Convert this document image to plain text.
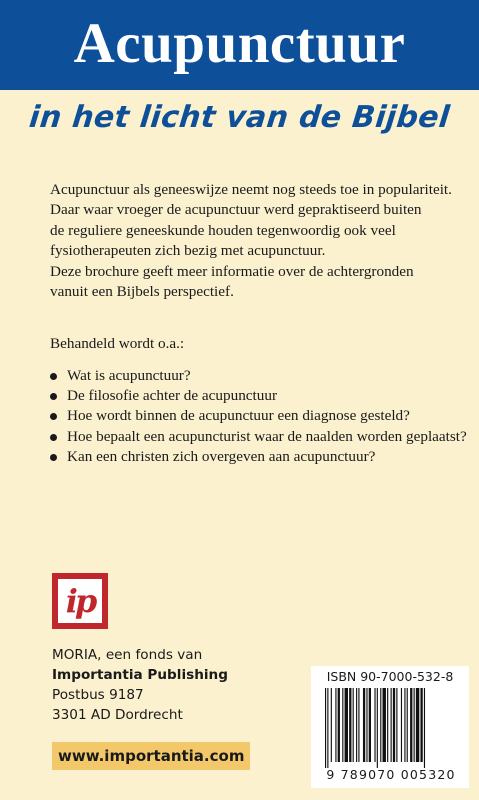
Acupunctuur
in het licht van de Bijbel

Acupunctuur als geneeswijze neemt nog steeds toe in populariteit.

Daar waar vroeger de acupunctuur werd gepraktiseerd buiten

de reguliere geneeskunde houden tegenwoordig ook veel

fysiotherapeuten zich bezig met acupunctuur.

Deze brochure geeft meer informatie over de achtergronden

vanuit een Bijbels perspectief.

Behandeld wordt o.a.:
Wat is acupunctuur?
De filosofie achter de acupunctuur
Hoe wordt binnen de acupunctuur een diagnose gesteld?
Hoe bepaalt een acupuncturist waar de naalden worden geplaatst?
Kan een christen zich overgeven aan acupunctuur?
ip
MORIA, een fonds van
Importantia Publishing
Postbus 9187
3301 AD Dordrecht
www.importantia.com
ISBN 90-7000-532-8
9 789070 005320
